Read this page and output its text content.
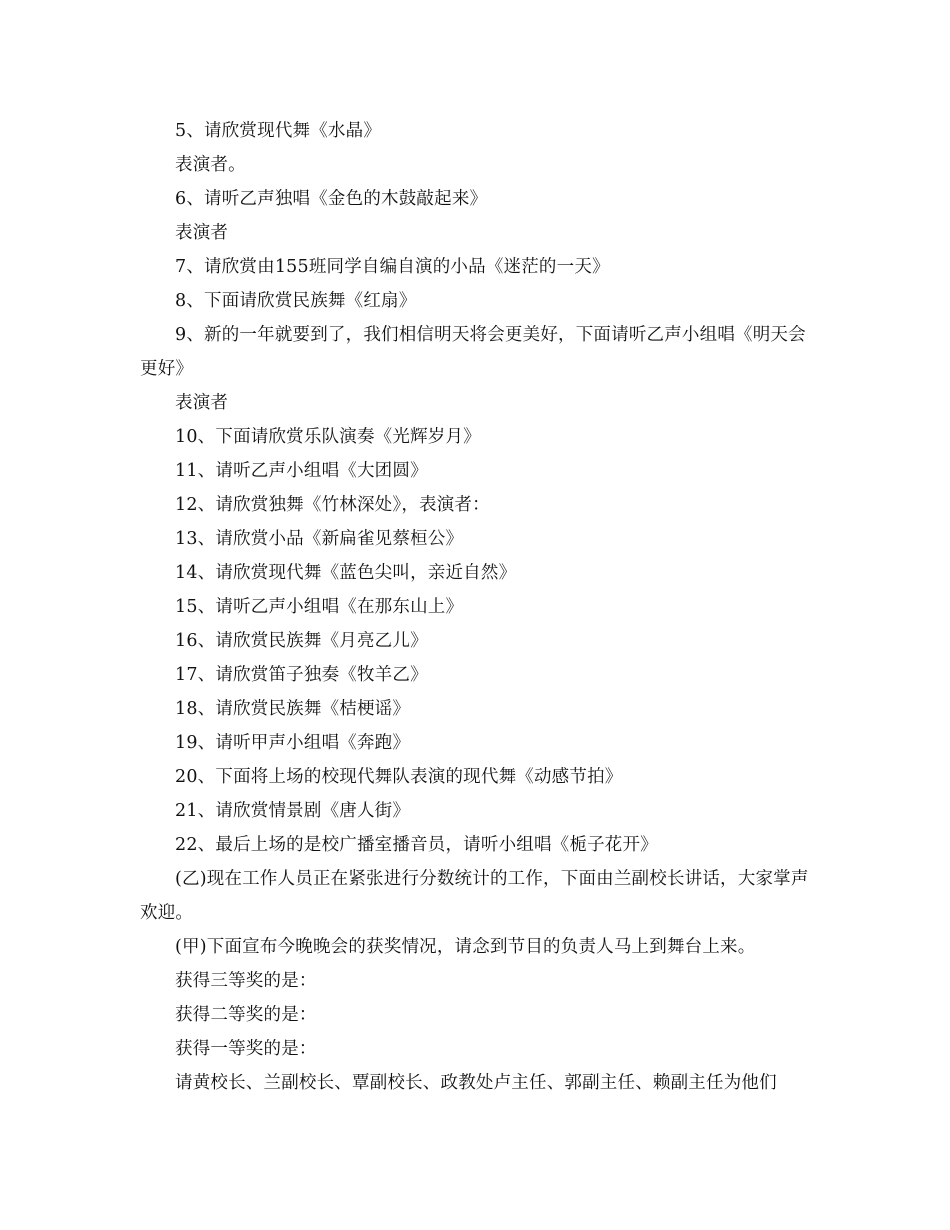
5、请欣赏现代舞《水晶》

表演者。

6、请听乙声独唱《金色的木鼓敲起来》

表演者

7、请欣赏由155班同学自编自演的小品《迷茫的一天》

8、下面请欣赏民族舞《红扇》

9、新的一年就要到了，我们相信明天将会更美好，下面请听乙声小组唱《明天会更好》

表演者

10、下面请欣赏乐队演奏《光辉岁月》

11、请听乙声小组唱《大团圆》

12、请欣赏独舞《竹林深处》，表演者：

13、请欣赏小品《新扁雀见蔡桓公》

14、请欣赏现代舞《蓝色尖叫，亲近自然》

15、请听乙声小组唱《在那东山上》

16、请欣赏民族舞《月亮乙儿》

17、请欣赏笛子独奏《牧羊乙》

18、请欣赏民族舞《桔梗谣》

19、请听甲声小组唱《奔跑》

20、下面将上场的校现代舞队表演的现代舞《动感节拍》

21、请欣赏情景剧《唐人街》

22、最后上场的是校广播室播音员，请听小组唱《栀子花开》

(乙)现在工作人员正在紧张进行分数统计的工作，下面由兰副校长讲话，大家掌声欢迎。

(甲)下面宣布今晚晚会的获奖情况，请念到节目的负责人马上到舞台上来。

获得三等奖的是：

获得二等奖的是：

获得一等奖的是：

请黄校长、兰副校长、覃副校长、政教处卢主任、郭副主任、赖副主任为他们
